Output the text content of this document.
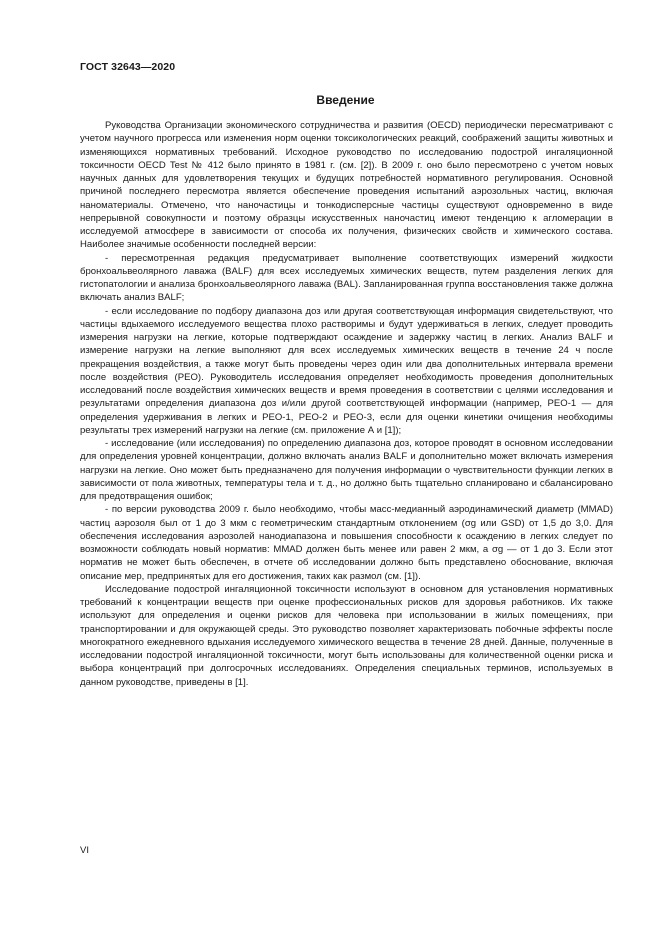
ГОСТ 32643—2020
Введение

Руководства Организации экономического сотрудничества и развития (OECD) периодически пересматривают с учетом научного прогресса или изменения норм оценки токсикологических реакций, соображений защиты животных и изменяющихся нормативных требований. Исходное руководство по исследованию подострой ингаляционной токсичности OECD Test № 412 было принято в 1981 г. (см. [2]). В 2009 г. оно было пересмотрено с учетом новых научных данных для удовлетворения текущих и будущих потребностей нормативного регулирования. Основной причиной последнего пересмотра является обеспечение проведения испытаний аэрозольных частиц, включая наноматериалы. Отмечено, что наночастицы и тонкодисперсные частицы существуют одновременно в виде непрерывной совокупности и поэтому образцы искусственных наночастиц имеют тенденцию к агломерации в исследуемой атмосфере в зависимости от способа их получения, физических свойств и химического состава. Наиболее значимые особенности последней версии:

- пересмотренная редакция предусматривает выполнение соответствующих измерений жидкости бронхоальвеолярного лаважа (BALF) для всех исследуемых химических веществ, путем разделения легких для гистопатологии и анализа бронхоальвеолярного лаважа (BAL). Запланированная группа восстановления также должна включать анализ BALF;

- если исследование по подбору диапазона доз или другая соответствующая информация свидетельствуют, что частицы вдыхаемого исследуемого вещества плохо растворимы и будут удерживаться в легких, следует проводить измерения нагрузки на легкие, которые подтверждают осаждение и задержку частиц в легких. Анализ BALF и измерение нагрузки на легкие выполняют для всех исследуемых химических веществ в течение 24 ч после прекращения воздействия, а также могут быть проведены через один или два дополнительных интервала времени после воздействия (PEO). Руководитель исследования определяет необходимость проведения дополнительных исследований после воздействия химических веществ и время проведения в соответствии с целями исследования и результатами определения диапазона доз и/или другой соответствующей информации (например, PEO-1 — для определения удерживания в легких и PEO-1, PEO-2 и PEO-3, если для оценки кинетики очищения необходимы результаты трех измерений нагрузки на легкие (см. приложение А и [1]);

- исследование (или исследования) по определению диапазона доз, которое проводят в основном исследовании для определения уровней концентрации, должно включать анализ BALF и дополнительно может включать измерения нагрузки на легкие. Оно может быть предназначено для получения информации о чувствительности функции легких в зависимости от пола животных, температуры тела и т. д., но должно быть тщательно спланировано и сбалансировано для предотвращения ошибок;

- по версии руководства 2009 г. было необходимо, чтобы масс-медианный аэродинамический диаметр (MMAD) частиц аэрозоля был от 1 до 3 мкм с геометрическим стандартным отклонением (σg или GSD) от 1,5 до 3,0. Для обеспечения исследования аэрозолей нанодиапазона и повышения способности к осаждению в легких следует по возможности соблюдать новый норматив: MMAD должен быть менее или равен 2 мкм, а σg — от 1 до 3. Если этот норматив не может быть обеспечен, в отчете об исследовании должно быть представлено обоснование, включая описание мер, предпринятых для его достижения, таких как размол (см. [1]).

Исследование подострой ингаляционной токсичности используют в основном для установления нормативных требований к концентрации веществ при оценке профессиональных рисков для здоровья работников. Их также используют для определения и оценки рисков для человека при использовании в жилых помещениях, при транспортировании и для окружающей среды. Это руководство позволяет характеризовать побочные эффекты после многократного ежедневного вдыхания исследуемого химического вещества в течение 28 дней. Данные, полученные в исследовании подострой ингаляционной токсичности, могут быть использованы для количественной оценки риска и выбора концентраций при долгосрочных исследованиях. Определения специальных терминов, используемых в данном руководстве, приведены в [1].

VI
